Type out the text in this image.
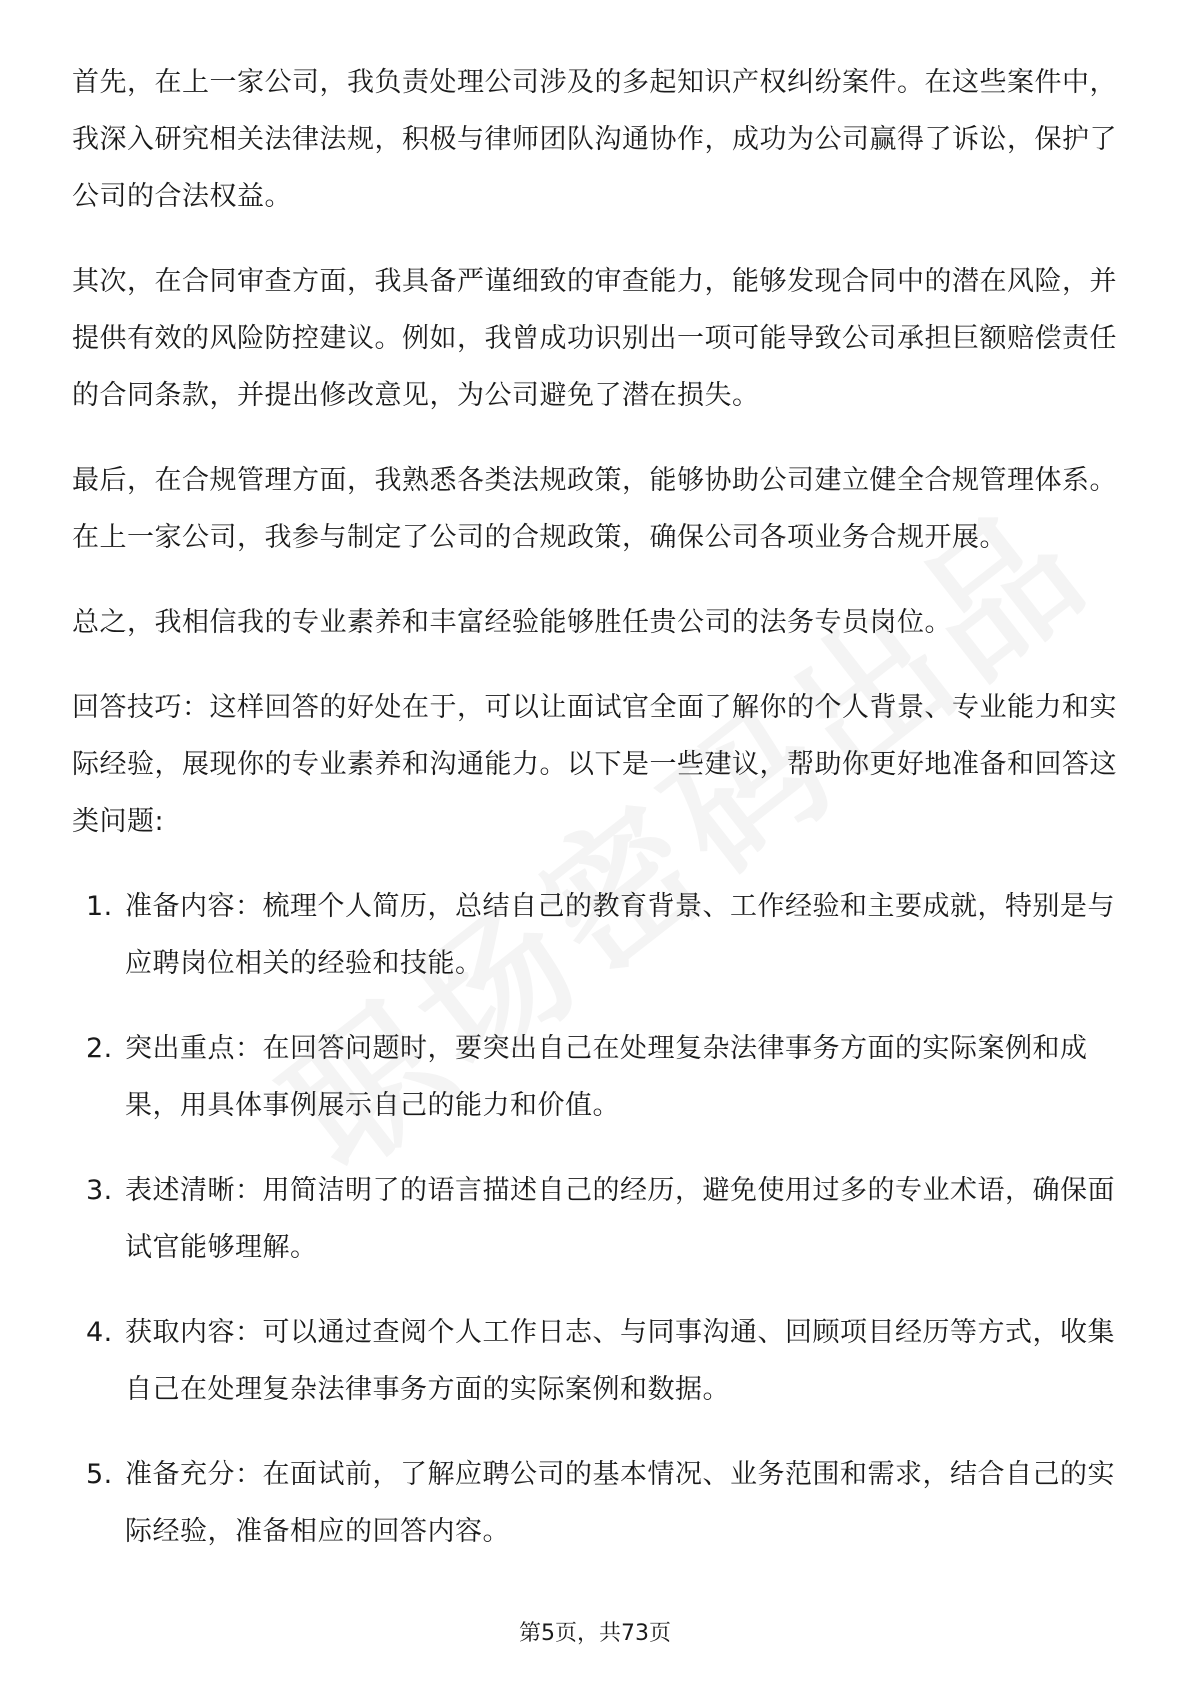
首先，在上一家公司，我负责处理公司涉及的多起知识产权纠纷案件。在这些案件中，我深入研究相关法律法规，积极与律师团队沟通协作，成功为公司赢得了诉讼，保护了公司的合法权益。

其次，在合同审查方面，我具备严谨细致的审查能力，能够发现合同中的潜在风险，并提供有效的风险防控建议。例如，我曾成功识别出一项可能导致公司承担巨额赔偿责任的合同条款，并提出修改意见，为公司避免了潜在损失。

最后，在合规管理方面，我熟悉各类法规政策，能够协助公司建立健全合规管理体系。在上一家公司，我参与制定了公司的合规政策，确保公司各项业务合规开展。

总之，我相信我的专业素养和丰富经验能够胜任贵公司的法务专员岗位。

回答技巧：这样回答的好处在于，可以让面试官全面了解你的个人背景、专业能力和实际经验，展现你的专业素养和沟通能力。以下是一些建议，帮助你更好地准备和回答这类问题:

1. 准备内容：梳理个人简历，总结自己的教育背景、工作经验和主要成就，特别是与应聘岗位相关的经验和技能。
2. 突出重点：在回答问题时，要突出自己在处理复杂法律事务方面的实际案例和成果，用具体事例展示自己的能力和价值。
3. 表述清晰：用简洁明了的语言描述自己的经历，避免使用过多的专业术语，确保面试官能够理解。
4. 获取内容：可以通过查阅个人工作日志、与同事沟通、回顾项目经历等方式，收集自己在处理复杂法律事务方面的实际案例和数据。
5. 准备充分：在面试前，了解应聘公司的基本情况、业务范围和需求，结合自己的实际经验，准备相应的回答内容。
第5页，共73页
